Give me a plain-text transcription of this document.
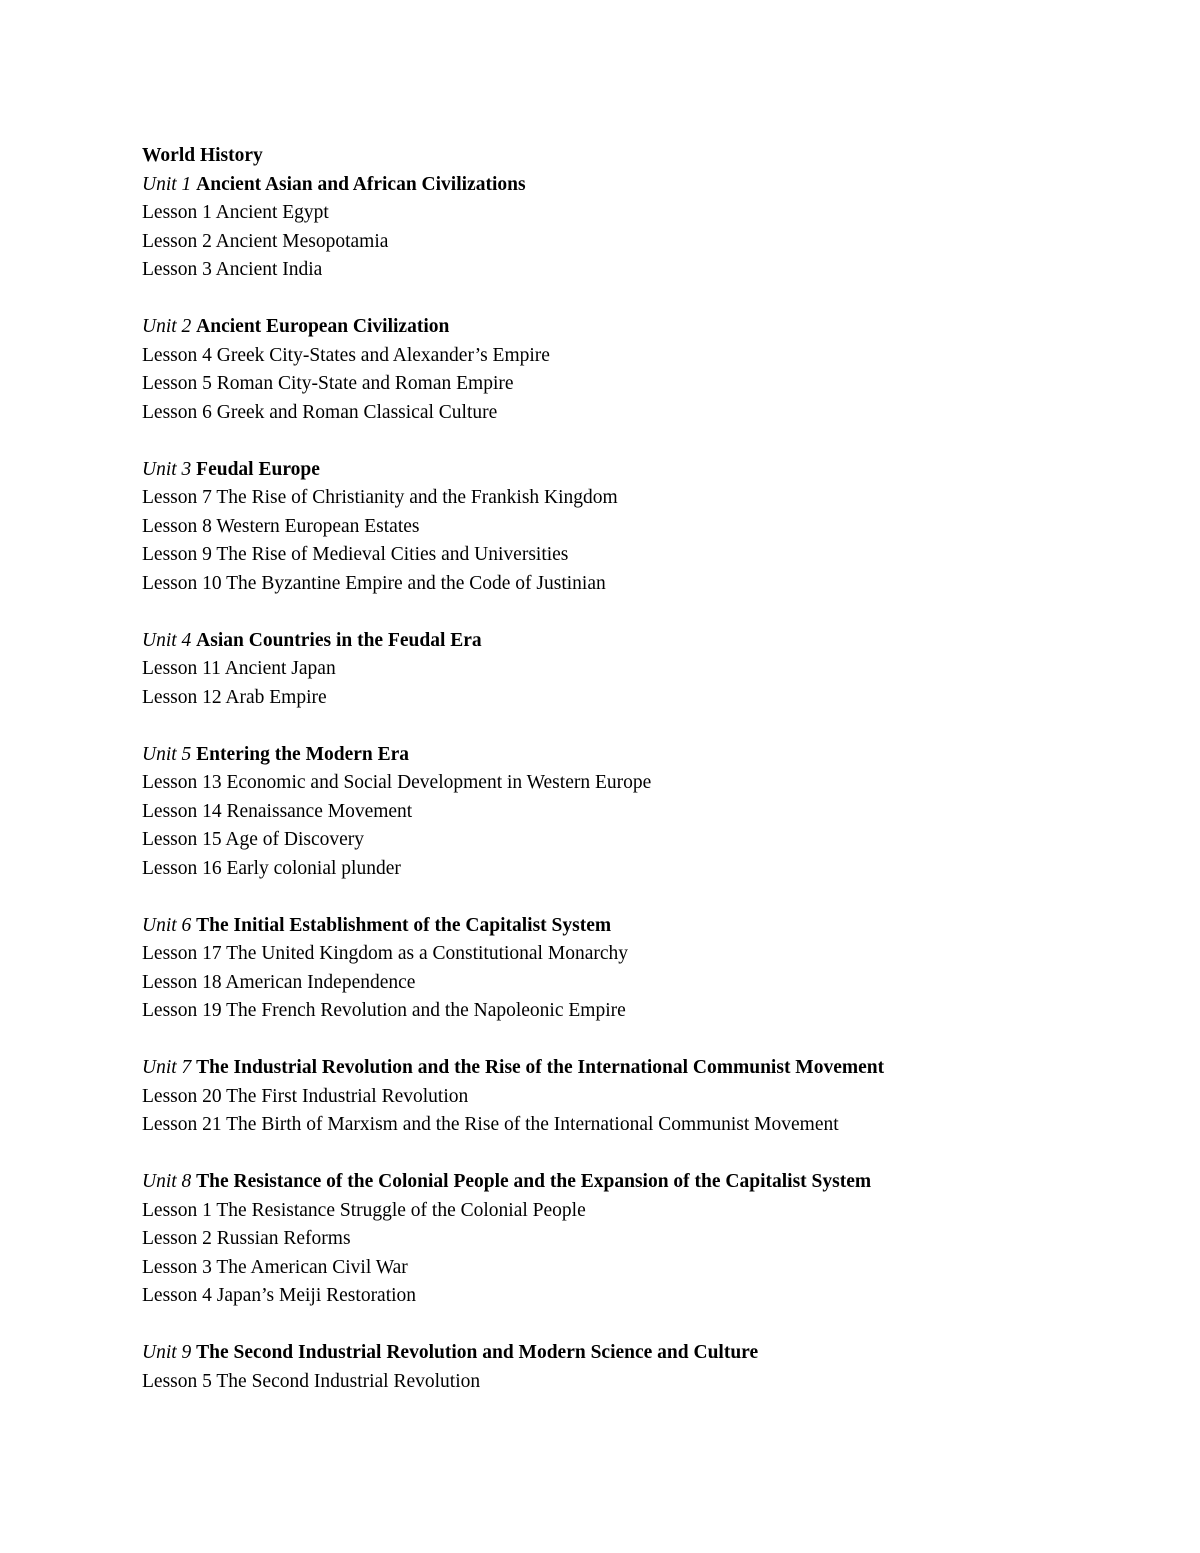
World History
Unit 1 Ancient Asian and African Civilizations
Lesson 1 Ancient Egypt
Lesson 2 Ancient Mesopotamia
Lesson 3 Ancient India
Unit 2 Ancient European Civilization
Lesson 4 Greek City-States and Alexander’s Empire
Lesson 5 Roman City-State and Roman Empire
Lesson 6 Greek and Roman Classical Culture
Unit 3 Feudal Europe
Lesson 7 The Rise of Christianity and the Frankish Kingdom
Lesson 8 Western European Estates
Lesson 9 The Rise of Medieval Cities and Universities
Lesson 10 The Byzantine Empire and the Code of Justinian
Unit 4 Asian Countries in the Feudal Era
Lesson 11 Ancient Japan
Lesson 12 Arab Empire
Unit 5 Entering the Modern Era
Lesson 13 Economic and Social Development in Western Europe
Lesson 14 Renaissance Movement
Lesson 15 Age of Discovery
Lesson 16 Early colonial plunder
Unit 6 The Initial Establishment of the Capitalist System
Lesson 17 The United Kingdom as a Constitutional Monarchy
Lesson 18 American Independence
Lesson 19 The French Revolution and the Napoleonic Empire
Unit 7 The Industrial Revolution and the Rise of the International Communist Movement
Lesson 20 The First Industrial Revolution
Lesson 21 The Birth of Marxism and the Rise of the International Communist Movement
Unit 8 The Resistance of the Colonial People and the Expansion of the Capitalist System
Lesson 1 The Resistance Struggle of the Colonial People
Lesson 2 Russian Reforms
Lesson 3 The American Civil War
Lesson 4 Japan’s Meiji Restoration
Unit 9 The Second Industrial Revolution and Modern Science and Culture
Lesson 5 The Second Industrial Revolution
